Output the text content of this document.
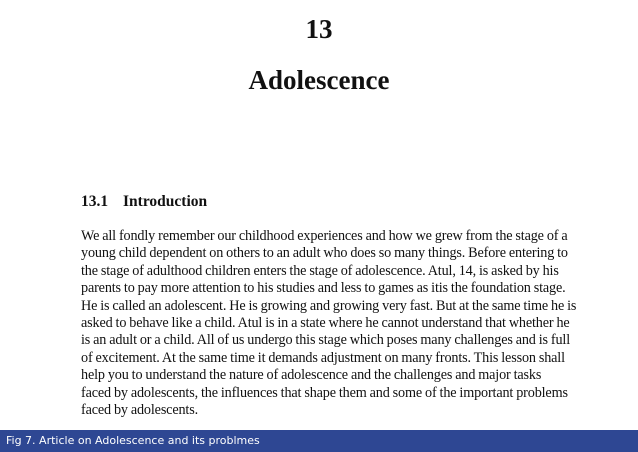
13
Adolescence
13.1 Introduction
We all fondly remember our childhood experiences and how we grew from the stage of a
young child dependent on others to an adult who does so many things. Before entering to
the stage of adulthood children enters the stage of adolescence. Atul, 14, is asked by his
parents to pay more attention to his studies and less to games as itis the foundation stage.
He is called an adolescent. He is growing and growing very fast. But at the same time he is
asked to behave like a child. Atul is in a state where he cannot understand that whether he
is an adult or a child. All of us undergo this stage which poses many challenges and is full
of excitement. At the same time it demands adjustment on many fronts. This lesson shall
help you to understand the nature of adolescence and the challenges and major tasks
faced by adolescents, the influences that shape them and some of the important problems
faced by adolescents.
Fig 7. Article on Adolescence and its problmes
